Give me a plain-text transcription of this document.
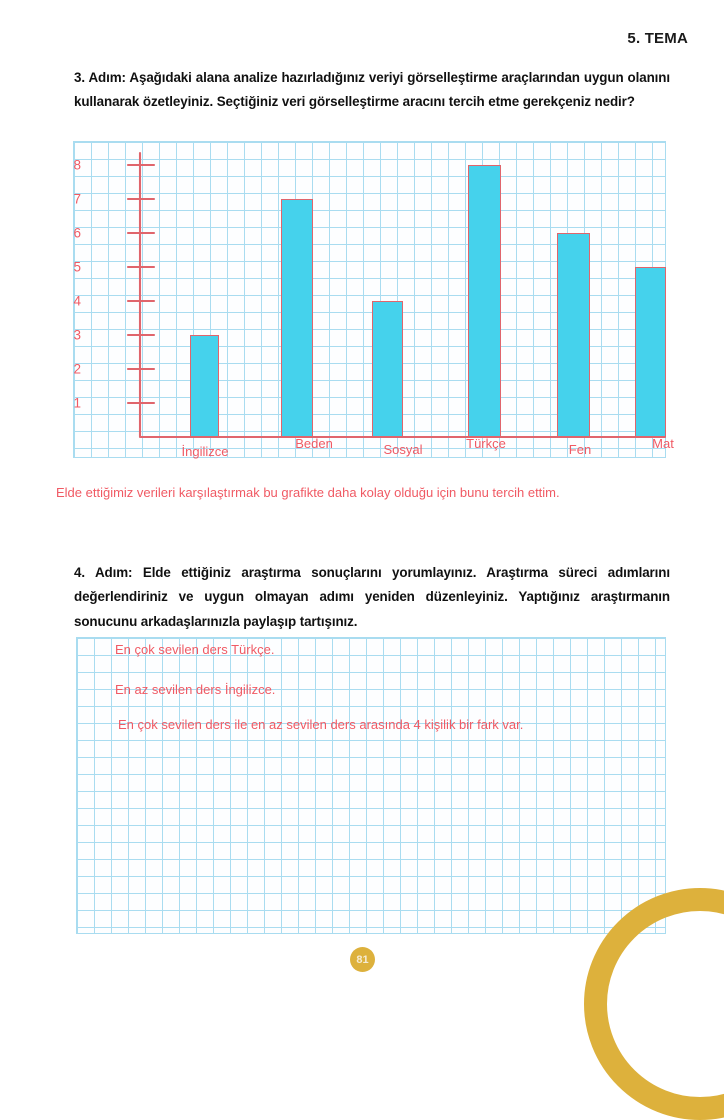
5. TEMA
3. Adım: Aşağıdaki alana analize hazırladığınız veriyi görselleştirme araçlarından uygun olanını kullanarak özetleyiniz. Seçtiğiniz veri görselleştirme aracını tercih etme gerekçeniz nedir?
8
7
6
5
4
3
2
1
İngilizce
Beden	Sosyal	Türkçe	Fen	Mat
Elde ettiğimiz verileri karşılaştırmak bu grafikte daha kolay olduğu için bunu tercih ettim.
4. Adım: Elde ettiğiniz araştırma sonuçlarını yorumlayınız. Araştırma süreci adımlarını değerlendiriniz ve uygun olmayan adımı yeniden düzenleyiniz. Yaptığınız araştırmanın sonucunu arkadaşlarınızla paylaşıp tartışınız.
En çok sevilen ders Türkçe.
En az sevilen ders İngilizce.
En çok sevilen ders ile en az sevilen ders arasında 4 kişilik bir fark var.
81
